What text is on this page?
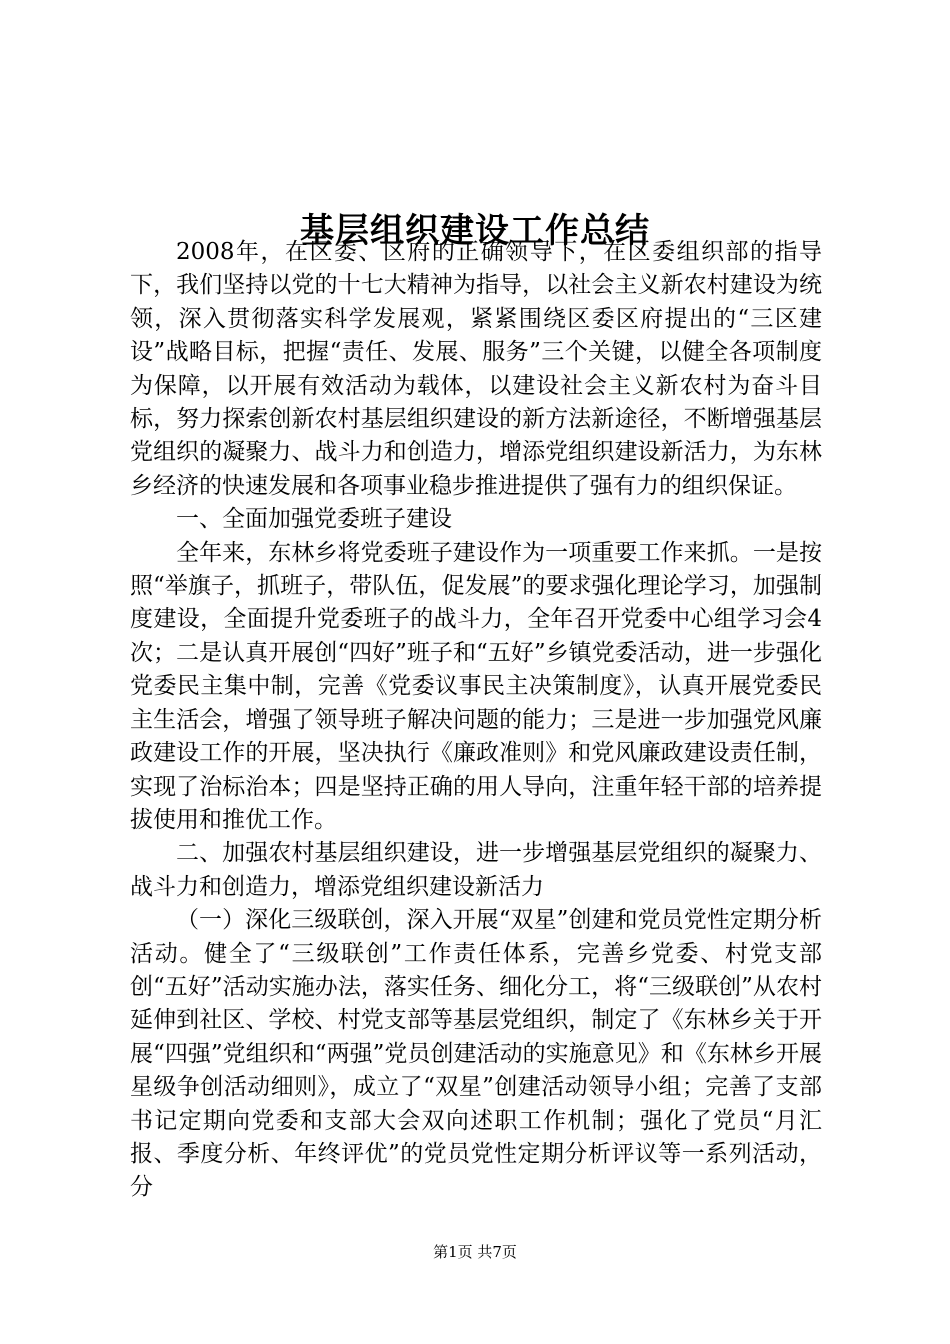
基层组织建设工作总结

2008年，在区委、区府的正确领导下，在区委组织部的指导下，我们坚持以党的十七大精神为指导，以社会主义新农村建设为统领，深入贯彻落实科学发展观，紧紧围绕区委区府提出的“三区建设”战略目标，把握“责任、发展、服务”三个关键，以健全各项制度为保障，以开展有效活动为载体，以建设社会主义新农村为奋斗目标，努力探索创新农村基层组织建设的新方法新途径，不断增强基层党组织的凝聚力、战斗力和创造力，增添党组织建设新活力，为东林乡经济的快速发展和各项事业稳步推进提供了强有力的组织保证。

一、全面加强党委班子建设

全年来，东林乡将党委班子建设作为一项重要工作来抓。一是按照“举旗子，抓班子，带队伍，促发展”的要求强化理论学习，加强制度建设，全面提升党委班子的战斗力，全年召开党委中心组学习会4次；二是认真开展创“四好”班子和“五好”乡镇党委活动，进一步强化党委民主集中制，完善《党委议事民主决策制度》，认真开展党委民主生活会，增强了领导班子解决问题的能力；三是进一步加强党风廉政建设工作的开展，坚决执行《廉政准则》和党风廉政建设责任制，实现了治标治本；四是坚持正确的用人导向，注重年轻干部的培养提拔使用和推优工作。

二、加强农村基层组织建设，进一步增强基层党组织的凝聚力、战斗力和创造力，增添党组织建设新活力

（一）深化三级联创，深入开展“双星”创建和党员党性定期分析活动。健全了“三级联创”工作责任体系，完善乡党委、村党支部创“五好”活动实施办法，落实任务、细化分工，将“三级联创”从农村延伸到社区、学校、村党支部等基层党组织，制定了《东林乡关于开展“四强”党组织和“两强”党员创建活动的实施意见》和《东林乡开展星级争创活动细则》，成立了“双星”创建活动领导小组；完善了支部书记定期向党委和支部大会双向述职工作机制；强化了党员“月汇报、季度分析、年终评优”的党员党性定期分析评议等一系列活动，分

第1页 共7页
